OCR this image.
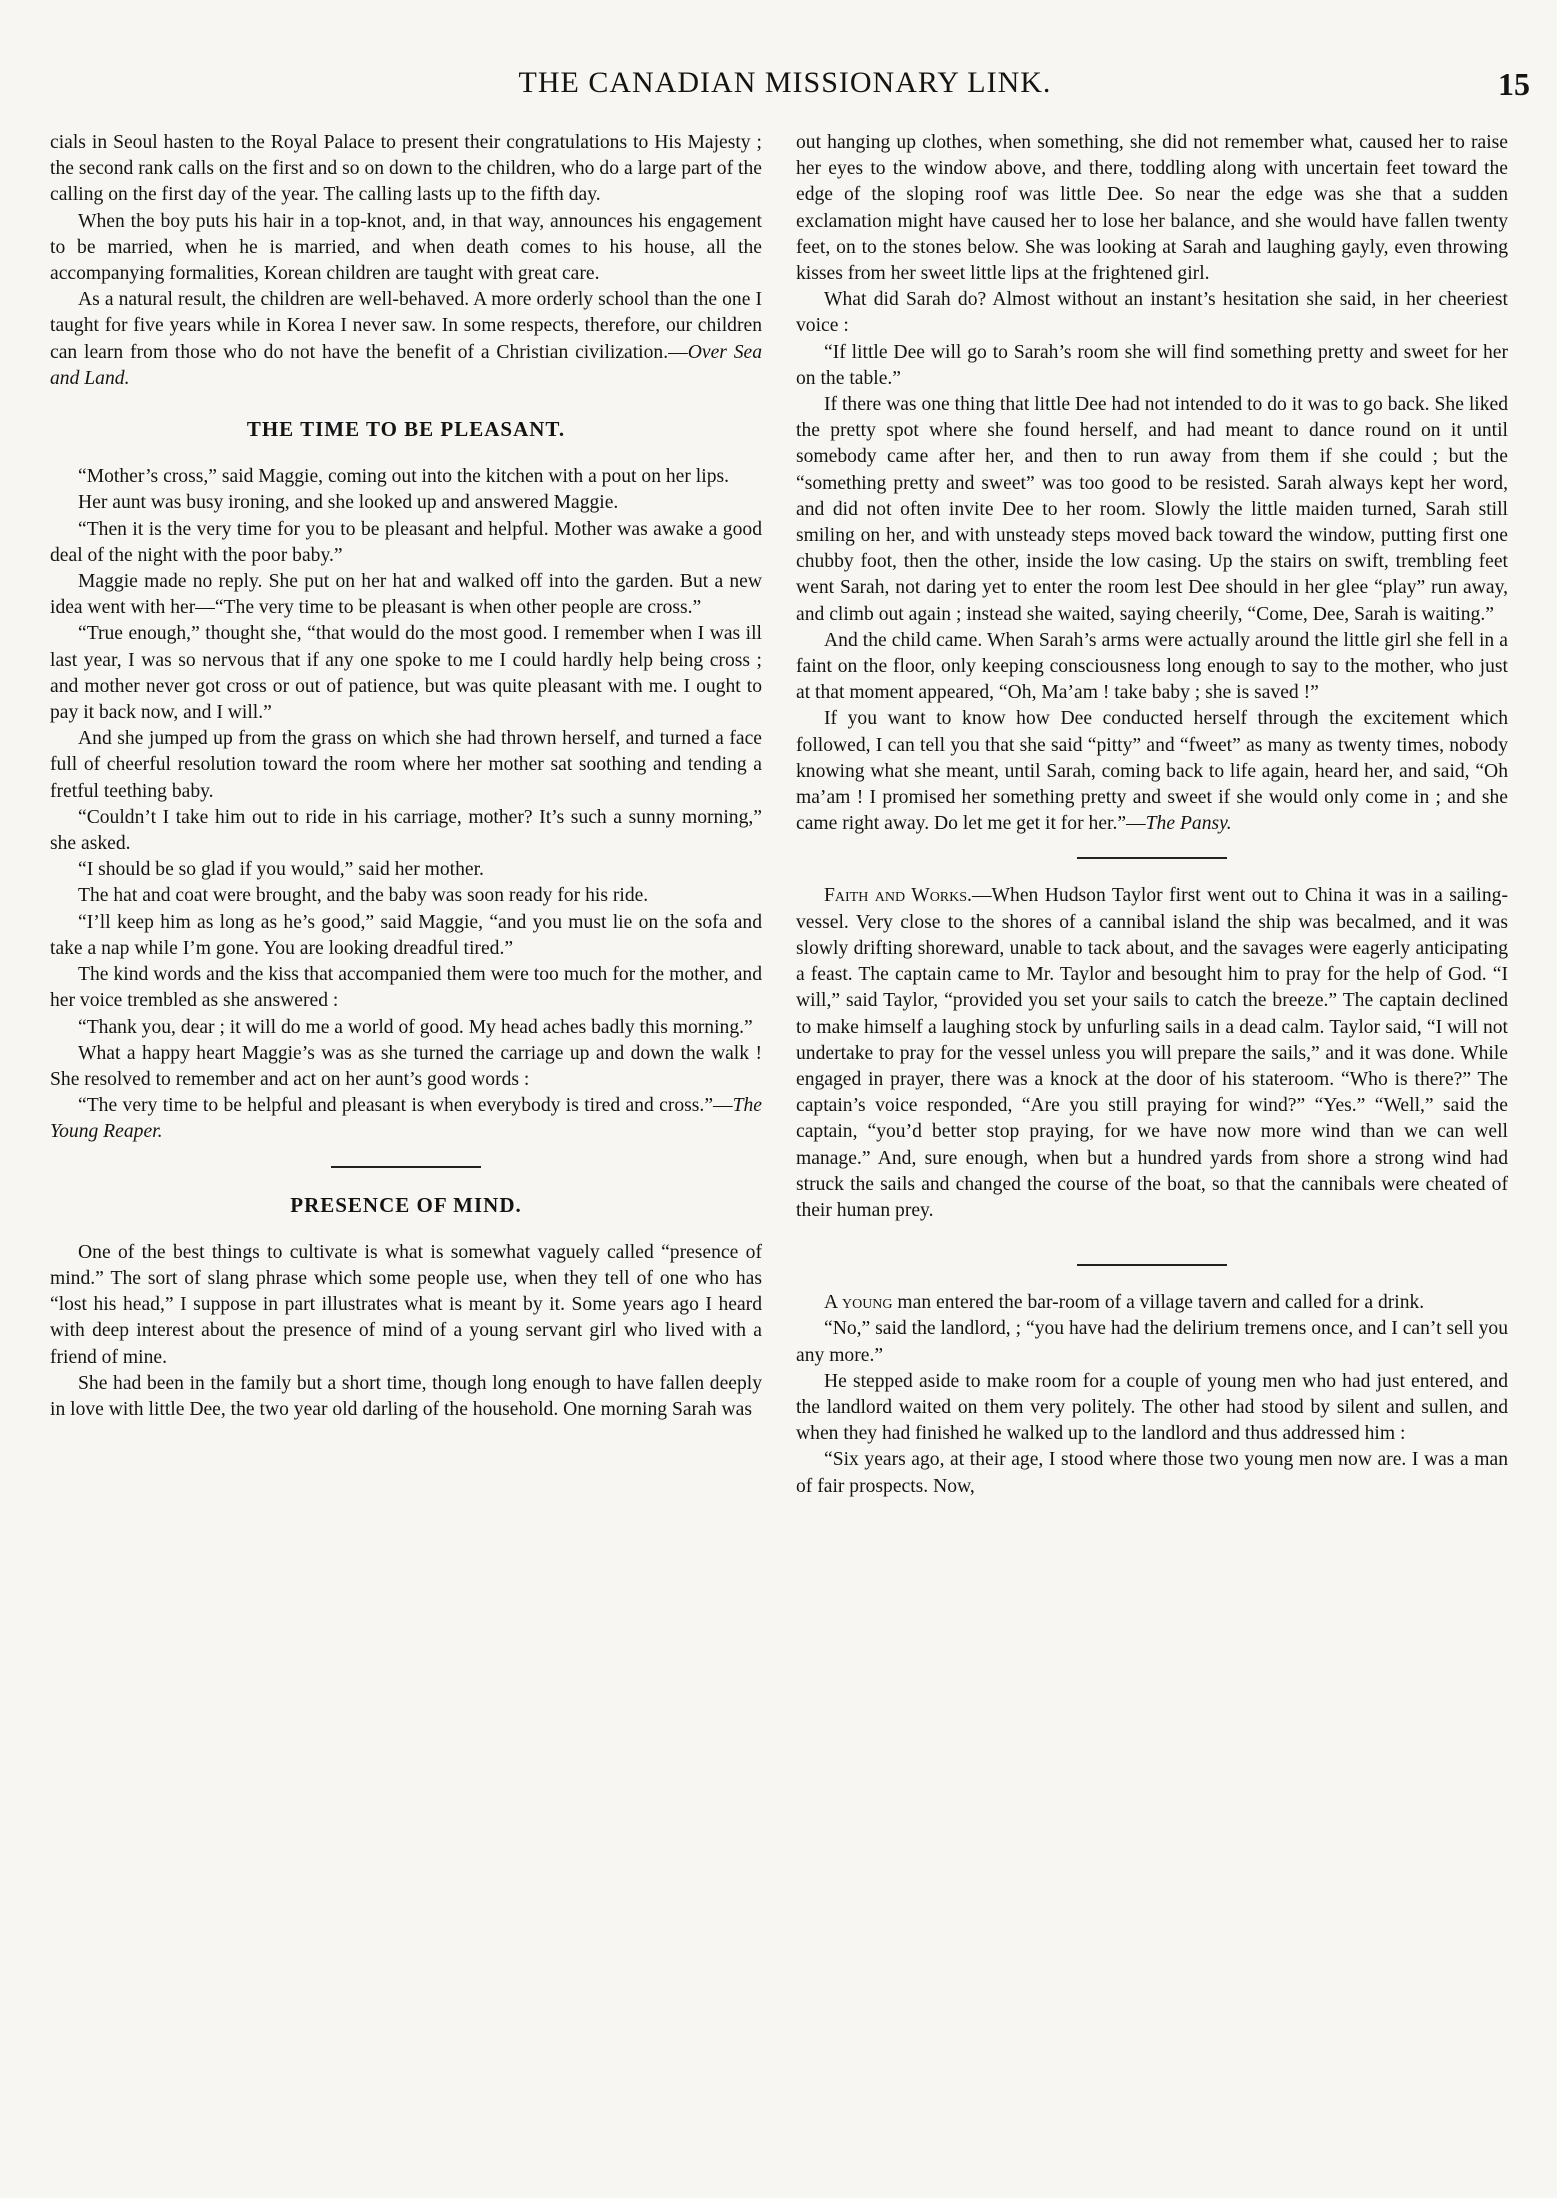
THE CANADIAN MISSIONARY LINK.	15

cials in Seoul hasten to the Royal Palace to present their congratulations to His Majesty ; the second rank calls on the first and so on down to the children, who do a large part of the calling on the first day of the year. The calling lasts up to the fifth day.

When the boy puts his hair in a top-knot, and, in that way, announces his engagement to be married, when he is married, and when death comes to his house, all the accompanying formalities, Korean children are taught with great care.

As a natural result, the children are well-behaved. A more orderly school than the one I taught for five years while in Korea I never saw. In some respects, therefore, our children can learn from those who do not have the benefit of a Christian civilization.—Over Sea and Land.

THE TIME TO BE PLEASANT.

“Mother’s cross,” said Maggie, coming out into the kitchen with a pout on her lips.

Her aunt was busy ironing, and she looked up and answered Maggie.

“Then it is the very time for you to be pleasant and helpful. Mother was awake a good deal of the night with the poor baby.”

Maggie made no reply. She put on her hat and walked off into the garden. But a new idea went with her—“The very time to be pleasant is when other people are cross.”

“True enough,” thought she, “that would do the most good. I remember when I was ill last year, I was so nervous that if any one spoke to me I could hardly help being cross ; and mother never got cross or out of patience, but was quite pleasant with me. I ought to pay it back now, and I will.”

And she jumped up from the grass on which she had thrown herself, and turned a face full of cheerful resolution toward the room where her mother sat soothing and tending a fretful teething baby.

“Couldn’t I take him out to ride in his carriage, mother? It’s such a sunny morning,” she asked.

“I should be so glad if you would,” said her mother.

The hat and coat were brought, and the baby was soon ready for his ride.

“I’ll keep him as long as he’s good,” said Maggie, “and you must lie on the sofa and take a nap while I’m gone. You are looking dreadful tired.”

The kind words and the kiss that accompanied them were too much for the mother, and her voice trembled as she answered :

“Thank you, dear ; it will do me a world of good. My head aches badly this morning.”

What a happy heart Maggie’s was as she turned the carriage up and down the walk ! She resolved to remember and act on her aunt’s good words :

“The very time to be helpful and pleasant is when everybody is tired and cross.”—The Young Reaper.

PRESENCE OF MIND.

One of the best things to cultivate is what is somewhat vaguely called “presence of mind.” The sort of slang phrase which some people use, when they tell of one who has “lost his head,” I suppose in part illustrates what is meant by it. Some years ago I heard with deep interest about the presence of mind of a young servant girl who lived with a friend of mine.

She had been in the family but a short time, though long enough to have fallen deeply in love with little Dee, the two year old darling of the household. One morning Sarah was

out hanging up clothes, when something, she did not remember what, caused her to raise her eyes to the window above, and there, toddling along with uncertain feet toward the edge of the sloping roof was little Dee. So near the edge was she that a sudden exclamation might have caused her to lose her balance, and she would have fallen twenty feet, on to the stones below. She was looking at Sarah and laughing gayly, even throwing kisses from her sweet little lips at the frightened girl.

What did Sarah do? Almost without an instant’s hesitation she said, in her cheeriest voice :

“If little Dee will go to Sarah’s room she will find something pretty and sweet for her on the table.”

If there was one thing that little Dee had not intended to do it was to go back. She liked the pretty spot where she found herself, and had meant to dance round on it until somebody came after her, and then to run away from them if she could ; but the “something pretty and sweet” was too good to be resisted. Sarah always kept her word, and did not often invite Dee to her room. Slowly the little maiden turned, Sarah still smiling on her, and with unsteady steps moved back toward the window, putting first one chubby foot, then the other, inside the low casing. Up the stairs on swift, trembling feet went Sarah, not daring yet to enter the room lest Dee should in her glee “play” run away, and climb out again ; instead she waited, saying cheerily, “Come, Dee, Sarah is waiting.”

And the child came. When Sarah’s arms were actually around the little girl she fell in a faint on the floor, only keeping consciousness long enough to say to the mother, who just at that moment appeared, “Oh, Ma’am ! take baby ; she is saved !”

If you want to know how Dee conducted herself through the excitement which followed, I can tell you that she said “pitty” and “fweet” as many as twenty times, nobody knowing what she meant, until Sarah, coming back to life again, heard her, and said, “Oh ma’am ! I promised her something pretty and sweet if she would only come in ; and she came right away. Do let me get it for her.”—The Pansy.

Faith and Works.—When Hudson Taylor first went out to China it was in a sailing-vessel. Very close to the shores of a cannibal island the ship was becalmed, and it was slowly drifting shoreward, unable to tack about, and the savages were eagerly anticipating a feast. The captain came to Mr. Taylor and besought him to pray for the help of God. “I will,” said Taylor, “provided you set your sails to catch the breeze.” The captain declined to make himself a laughing stock by unfurling sails in a dead calm. Taylor said, “I will not undertake to pray for the vessel unless you will prepare the sails,” and it was done. While engaged in prayer, there was a knock at the door of his stateroom. “Who is there?” The captain’s voice responded, “Are you still praying for wind?” “Yes.” “Well,” said the captain, “you’d better stop praying, for we have now more wind than we can well manage.” And, sure enough, when but a hundred yards from shore a strong wind had struck the sails and changed the course of the boat, so that the cannibals were cheated of their human prey.

A young man entered the bar-room of a village tavern and called for a drink.

“No,” said the landlord, ; “you have had the delirium tremens once, and I can’t sell you any more.”

He stepped aside to make room for a couple of young men who had just entered, and the landlord waited on them very politely. The other had stood by silent and sullen, and when they had finished he walked up to the landlord and thus addressed him :

“Six years ago, at their age, I stood where those two young men now are. I was a man of fair prospects. Now,
